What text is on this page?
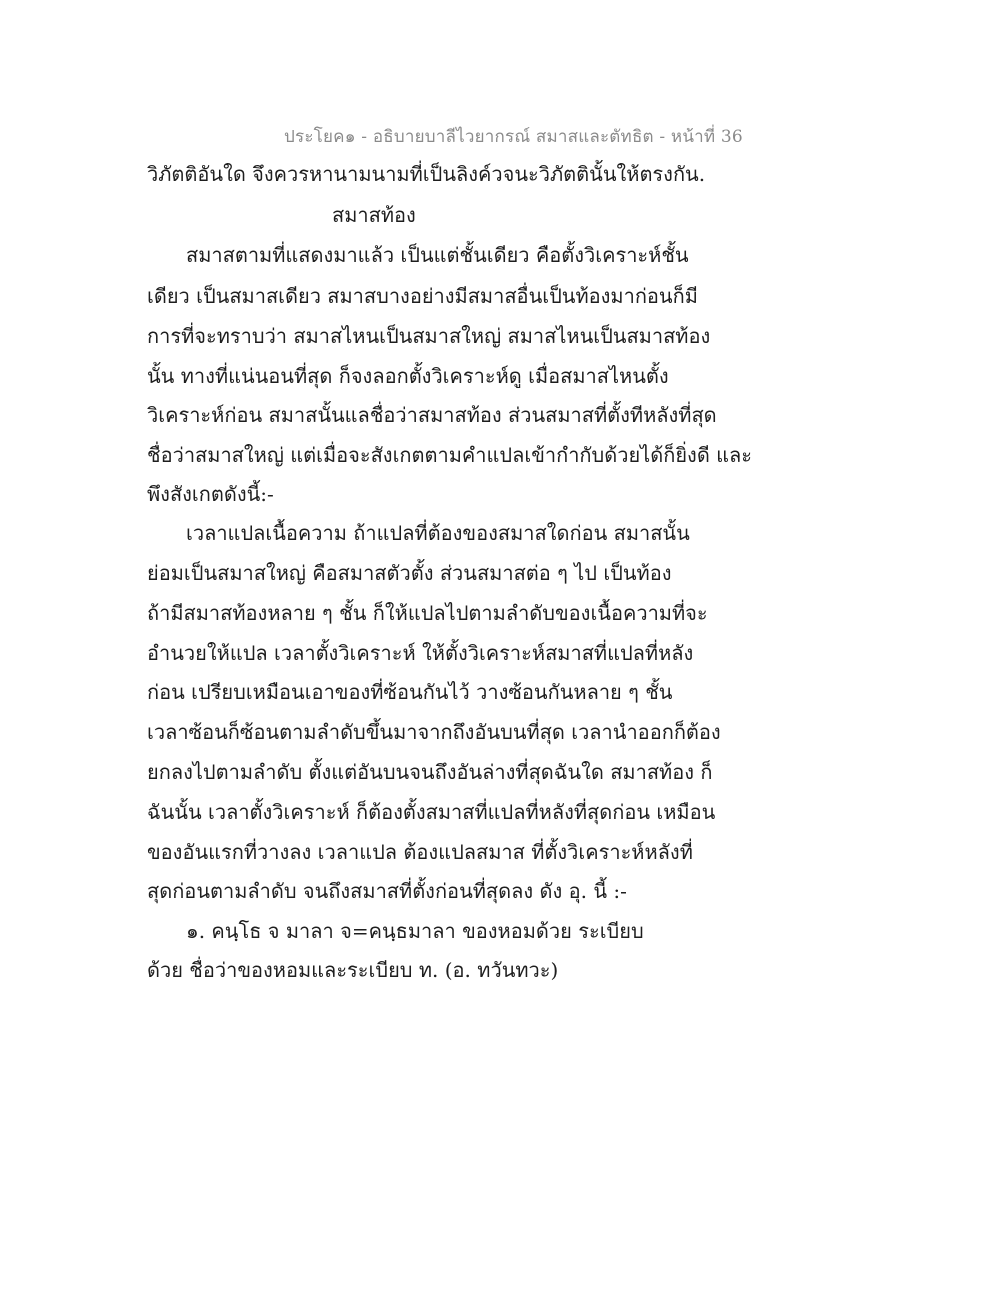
ประโยค๑ - อธิบายบาลีไวยากรณ์ สมาสและตัทธิต - หน้าที่ 36
วิภัตติอันใด จึงควรหานามนามที่เป็นลิงค์วจนะวิภัตตินั้นให้ตรงกัน.
สมาสท้อง
สมาสตามที่แสดงมาแล้ว เป็นแต่ชั้นเดียว คือตั้งวิเคราะห์ชั้น
เดียว เป็นสมาสเดียว สมาสบางอย่างมีสมาสอื่นเป็นท้องมาก่อนก็มี
การที่จะทราบว่า สมาสไหนเป็นสมาสใหญ่ สมาสไหนเป็นสมาสท้อง
นั้น ทางที่แน่นอนที่สุด ก็จงลอกตั้งวิเคราะห์ดู เมื่อสมาสไหนตั้ง
วิเคราะห์ก่อน สมาสนั้นแลชื่อว่าสมาสท้อง ส่วนสมาสที่ตั้งทีหลังที่สุด
ชื่อว่าสมาสใหญ่ แต่เมื่อจะสังเกตตามคำแปลเข้ากำกับด้วยได้ก็ยิ่งดี และ
พึงสังเกตดังนี้:-
เวลาแปลเนื้อความ ถ้าแปลที่ต้องของสมาสใดก่อน สมาสนั้น
ย่อมเป็นสมาสใหญ่ คือสมาสตัวตั้ง ส่วนสมาสต่อ ๆ ไป เป็นท้อง
ถ้ามีสมาสท้องหลาย ๆ ชั้น ก็ให้แปลไปตามลำดับของเนื้อความที่จะ
อำนวยให้แปล เวลาตั้งวิเคราะห์ ให้ตั้งวิเคราะห์สมาสที่แปลที่หลัง
ก่อน เปรียบเหมือนเอาของที่ซ้อนกันไว้ วางซ้อนกันหลาย ๆ ชั้น
เวลาซ้อนก็ซ้อนตามลำดับขึ้นมาจากถึงอันบนที่สุด เวลานำออกก็ต้อง
ยกลงไปตามลำดับ ตั้งแต่อันบนจนถึงอันล่างที่สุดฉันใด สมาสท้อง ก็
ฉันนั้น เวลาตั้งวิเคราะห์ ก็ต้องตั้งสมาสที่แปลที่หลังที่สุดก่อน เหมือน
ของอันแรกที่วางลง เวลาแปล ต้องแปลสมาส ที่ตั้งวิเคราะห์หลังที่
สุดก่อนตามลำดับ จนถึงสมาสที่ตั้งก่อนที่สุดลง ดัง อุ. นี้ :-
๑. คนฺโธ จ มาลา จ=คนฺธมาลา ของหอมด้วย ระเบียบ
ด้วย ชื่อว่าของหอมและระเบียบ ท. (อ. ทวันทวะ)
